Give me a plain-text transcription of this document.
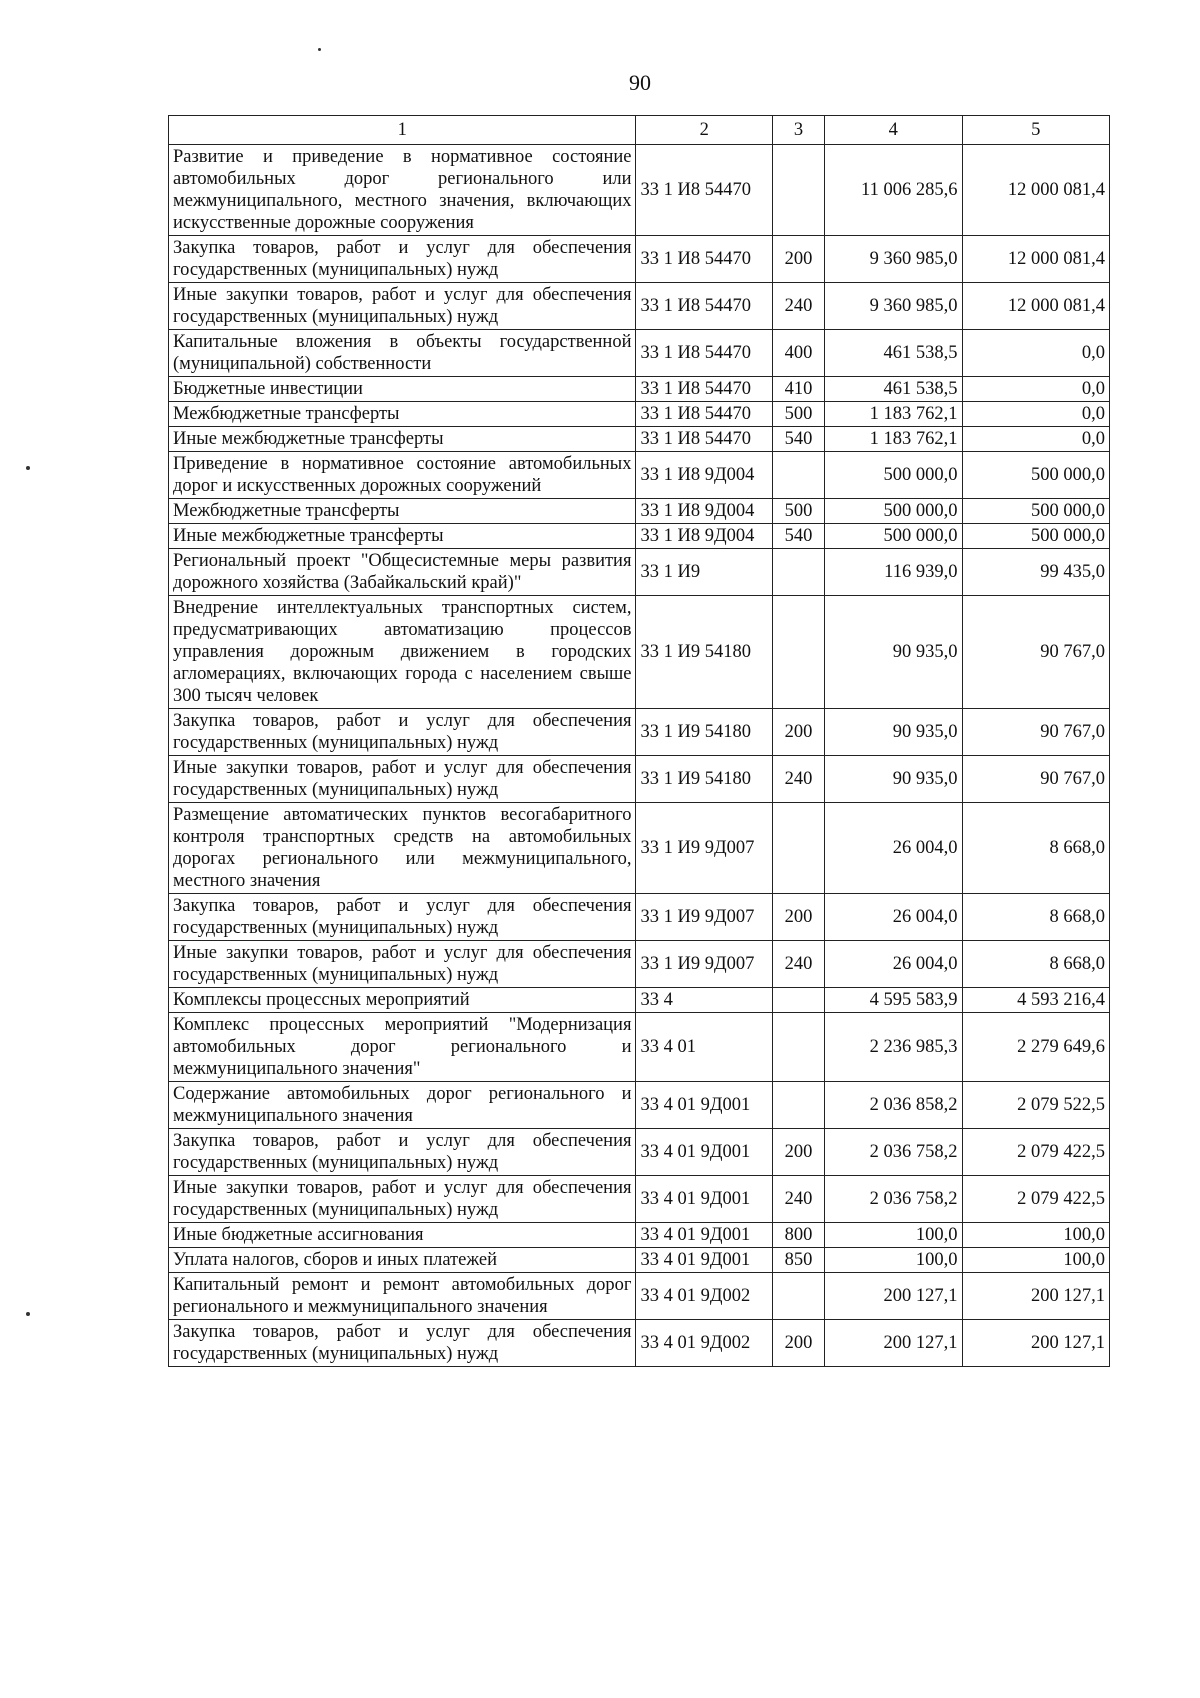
90
1	2	3	4	5
Развитие и приведение в нормативное состояние автомобильных дорог регионального или межмуниципального, местного значения, включающих искусственные дорожные сооружения	33 1 И8 54470		11 006 285,6	12 000 081,4
Закупка товаров, работ и услуг для обеспечения государственных (муниципальных) нужд	33 1 И8 54470	200	9 360 985,0	12 000 081,4
Иные закупки товаров, работ и услуг для обеспечения государственных (муниципальных) нужд	33 1 И8 54470	240	9 360 985,0	12 000 081,4
Капитальные вложения в объекты государственной (муниципальной) собственности	33 1 И8 54470	400	461 538,5	0,0
Бюджетные инвестиции	33 1 И8 54470	410	461 538,5	0,0
Межбюджетные трансферты	33 1 И8 54470	500	1 183 762,1	0,0
Иные межбюджетные трансферты	33 1 И8 54470	540	1 183 762,1	0,0
Приведение в нормативное состояние автомобильных дорог и искусственных дорожных сооружений	33 1 И8 9Д004		500 000,0	500 000,0
Межбюджетные трансферты	33 1 И8 9Д004	500	500 000,0	500 000,0
Иные межбюджетные трансферты	33 1 И8 9Д004	540	500 000,0	500 000,0
Региональный проект "Общесистемные меры развития дорожного хозяйства (Забайкальский край)"	33 1 И9		116 939,0	99 435,0
Внедрение интеллектуальных транспортных систем, предусматривающих автоматизацию процессов управления дорожным движением в городских агломерациях, включающих города с населением свыше 300 тысяч человек	33 1 И9 54180		90 935,0	90 767,0
Закупка товаров, работ и услуг для обеспечения государственных (муниципальных) нужд	33 1 И9 54180	200	90 935,0	90 767,0
Иные закупки товаров, работ и услуг для обеспечения государственных (муниципальных) нужд	33 1 И9 54180	240	90 935,0	90 767,0
Размещение автоматических пунктов весогабаритного контроля транспортных средств на автомобильных дорогах регионального или межмуниципального, местного значения	33 1 И9 9Д007		26 004,0	8 668,0
Закупка товаров, работ и услуг для обеспечения государственных (муниципальных) нужд	33 1 И9 9Д007	200	26 004,0	8 668,0
Иные закупки товаров, работ и услуг для обеспечения государственных (муниципальных) нужд	33 1 И9 9Д007	240	26 004,0	8 668,0
Комплексы процессных мероприятий	33 4		4 595 583,9	4 593 216,4
Комплекс процессных мероприятий "Модернизация автомобильных дорог регионального и межмуниципального значения"	33 4 01		2 236 985,3	2 279 649,6
Содержание автомобильных дорог регионального и межмуниципального значения	33 4 01 9Д001		2 036 858,2	2 079 522,5
Закупка товаров, работ и услуг для обеспечения государственных (муниципальных) нужд	33 4 01 9Д001	200	2 036 758,2	2 079 422,5
Иные закупки товаров, работ и услуг для обеспечения государственных (муниципальных) нужд	33 4 01 9Д001	240	2 036 758,2	2 079 422,5
Иные бюджетные ассигнования	33 4 01 9Д001	800	100,0	100,0
Уплата налогов, сборов и иных платежей	33 4 01 9Д001	850	100,0	100,0
Капитальный ремонт и ремонт автомобильных дорог регионального и межмуниципального значения	33 4 01 9Д002		200 127,1	200 127,1
Закупка товаров, работ и услуг для обеспечения государственных (муниципальных) нужд	33 4 01 9Д002	200	200 127,1	200 127,1
